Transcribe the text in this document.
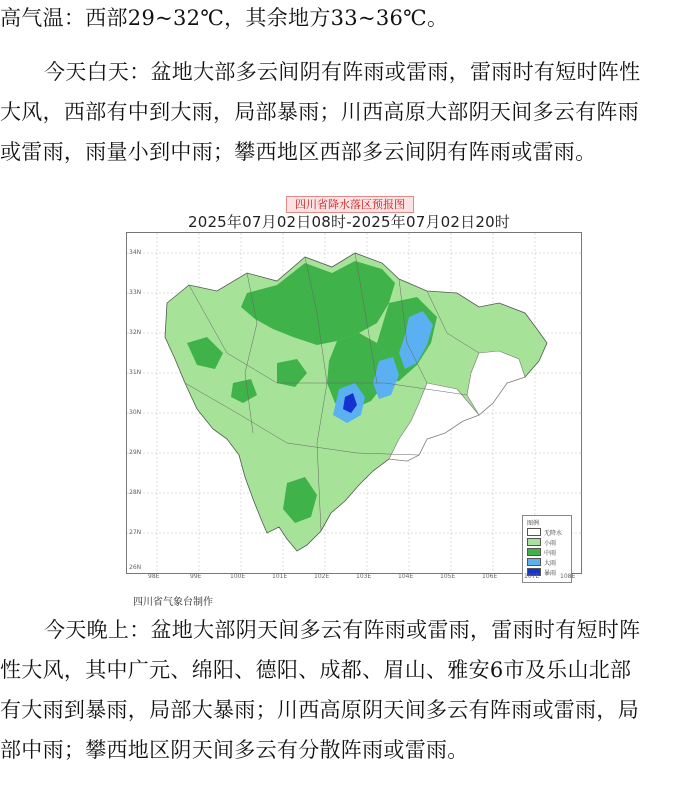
高气温：西部29~32℃，其余地方33~36℃。
今天白天：盆地大部多云间阴有阵雨或雷雨，雷雨时有短时阵性
大风，西部有中到大雨，局部暴雨；川西高原大部阴天间多云有阵雨
或雷雨，雨量小到中雨；攀西地区西部多云间阴有阵雨或雷雨。
四川省降水落区预报图
2025年07月02日08时-2025年07月02日20时
34N
33N
32N
31N
30N
29N
28N
27N
26N
图例
无降水
小雨
中雨
大雨
暴雨
四川省气象台制作
98E	99E	100E	101E	102E	103E	104E	105E	106E	107E	108E
今天晚上：盆地大部阴天间多云有阵雨或雷雨，雷雨时有短时阵
性大风，其中广元、绵阳、德阳、成都、眉山、雅安6市及乐山北部
有大雨到暴雨，局部大暴雨；川西高原阴天间多云有阵雨或雷雨，局
部中雨；攀西地区阴天间多云有分散阵雨或雷雨。
